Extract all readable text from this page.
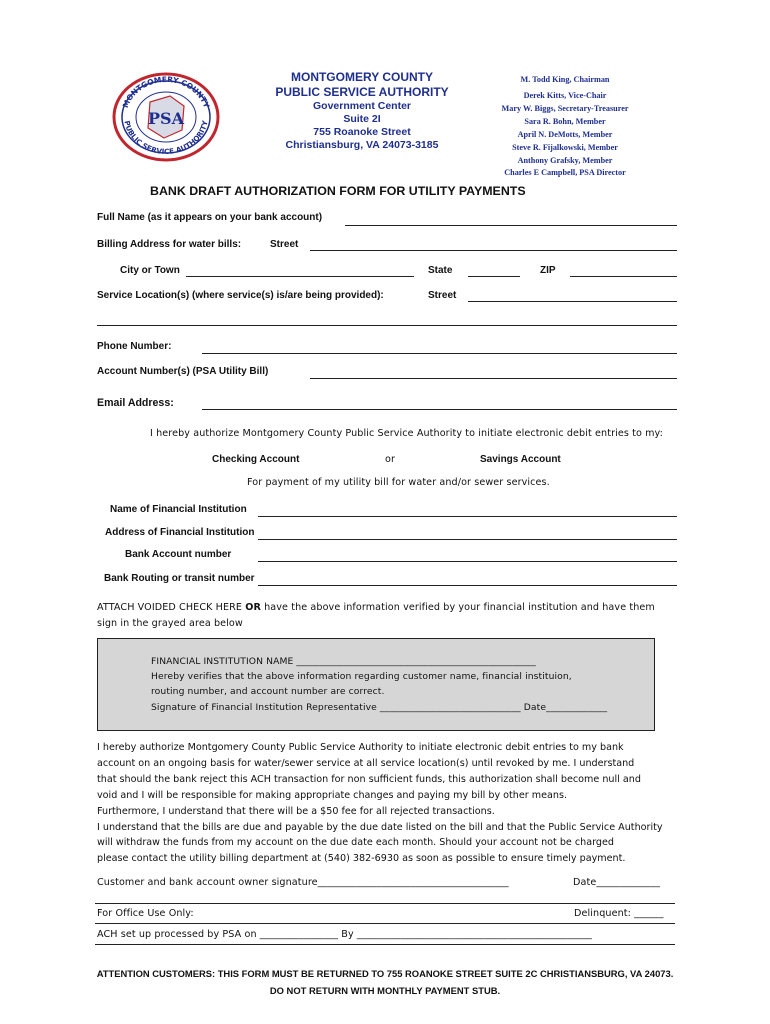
PSA
MONTGOMERY COUNTY
PUBLIC SERVICE AUTHORITY
MONTGOMERY COUNTY
PUBLIC SERVICE AUTHORITY
Government Center
Suite 2I
755 Roanoke Street
Christiansburg, VA 24073-3185
M. Todd King, Chairman
Derek Kitts, Vice-Chair
Mary W. Biggs, Secretary-Treasurer
Sara R. Bohn, Member
April N. DeMotts, Member
Steve R. Fijalkowski, Member
Anthony Grafsky, Member
Charles E Campbell, PSA Director
BANK DRAFT AUTHORIZATION FORM FOR UTILITY PAYMENTS
Full Name (as it appears on your bank account)
Billing Address for water bills:	Street
City or Town	State	ZIP
Service Location(s) (where service(s) is/are being provided):	Street
Phone Number:
Account Number(s) (PSA Utility Bill)
Email Address:
I hereby authorize Montgomery County Public Service Authority to initiate electronic debit entries to my:
Checking Account	or	Savings Account
For payment of my utility bill for water and/or sewer services.
Name of Financial Institution
Address of Financial Institution
Bank Account number
Bank Routing or transit number
ATTACH VOIDED CHECK HERE OR have the above information verified by your financial institution and have them
sign in the grayed area below
FINANCIAL INSTITUTION NAME ___________________________________________________
Hereby verifies that the above information regarding customer name, financial instituion,
routing number, and account number are correct.
Signature of Financial Institution Representative ______________________________ Date_____________
I hereby authorize Montgomery County Public Service Authority to initiate electronic debit entries to my bank
account on an ongoing basis for water/sewer service at all service location(s) until revoked by me. I understand
that should the bank reject this ACH transaction for non sufficient funds, this authorization shall become null and
void and I will be responsible for making appropriate changes and paying my bill by other means.
Furthermore, I understand that there will be a $50 fee for all rejected transactions.
I understand that the bills are due and payable by the due date listed on the bill and that the Public Service Authority
will withdraw the funds from my account on the due date each month. Should your account not be charged
please contact the utility billing department at (540) 382-6930 as soon as possible to ensure timely payment.
Customer and bank account owner signature_______________________________________	Date_____________
For Office Use Only:	Delinquent: ______
ACH set up processed by PSA on ________________ By ________________________________________________
ATTENTION CUSTOMERS: THIS FORM MUST BE RETURNED TO 755 ROANOKE STREET SUITE 2C CHRISTIANSBURG, VA 24073.
DO NOT RETURN WITH MONTHLY PAYMENT STUB.
